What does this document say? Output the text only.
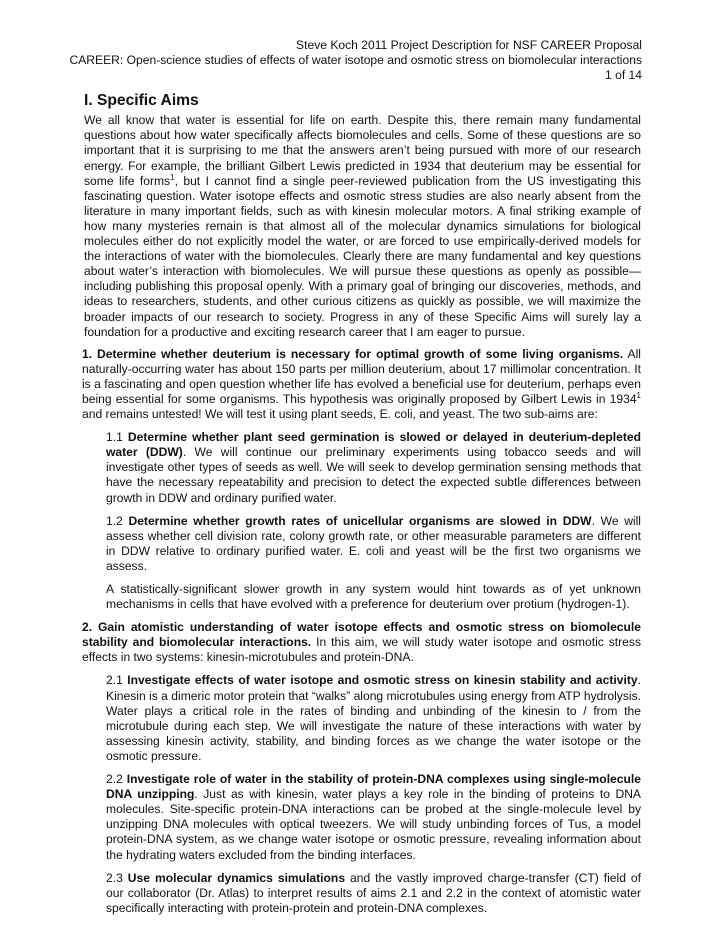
Steve Koch 2011 Project Description for NSF CAREER Proposal
CAREER: Open-science studies of effects of water isotope and osmotic stress on biomolecular interactions
1 of 14
I. Specific Aims

We all know that water is essential for life on earth. Despite this, there remain many fundamental questions about how water specifically affects biomolecules and cells. Some of these questions are so important that it is surprising to me that the answers aren’t being pursued with more of our research energy. For example, the brilliant Gilbert Lewis predicted in 1934 that deuterium may be essential for some life forms$^1$, but I cannot find a single peer-reviewed publication from the US investigating this fascinating question. Water isotope effects and osmotic stress studies are also nearly absent from the literature in many important fields, such as with kinesin molecular motors. A final striking example of how many mysteries remain is that almost all of the molecular dynamics simulations for biological molecules either do not explicitly model the water, or are forced to use empirically-derived models for the interactions of water with the biomolecules. Clearly there are many fundamental and key questions about water’s interaction with biomolecules. We will pursue these questions as openly as possible—including publishing this proposal openly. With a primary goal of bringing our discoveries, methods, and ideas to researchers, students, and other curious citizens as quickly as possible, we will maximize the broader impacts of our research to society. Progress in any of these Specific Aims will surely lay a foundation for a productive and exciting research career that I am eager to pursue.

1. Determine whether deuterium is necessary for optimal growth of some living organisms. All naturally-occurring water has about 150 parts per million deuterium, about 17 millimolar concentration. It is a fascinating and open question whether life has evolved a beneficial use for deuterium, perhaps even being essential for some organisms. This hypothesis was originally proposed by Gilbert Lewis in 1934$^1$ and remains untested! We will test it using plant seeds, E. coli, and yeast. The two sub-aims are:

1.1 Determine whether plant seed germination is slowed or delayed in deuterium-depleted water (DDW). We will continue our preliminary experiments using tobacco seeds and will investigate other types of seeds as well. We will seek to develop germination sensing methods that have the necessary repeatability and precision to detect the expected subtle differences between growth in DDW and ordinary purified water.

1.2 Determine whether growth rates of unicellular organisms are slowed in DDW. We will assess whether cell division rate, colony growth rate, or other measurable parameters are different in DDW relative to ordinary purified water. E. coli and yeast will be the first two organisms we assess.

A statistically-significant slower growth in any system would hint towards as of yet unknown mechanisms in cells that have evolved with a preference for deuterium over protium (hydrogen-1).

2. Gain atomistic understanding of water isotope effects and osmotic stress on biomolecule stability and biomolecular interactions. In this aim, we will study water isotope and osmotic stress effects in two systems: kinesin-microtubules and protein-DNA.

2.1 Investigate effects of water isotope and osmotic stress on kinesin stability and activity. Kinesin is a dimeric motor protein that “walks” along microtubules using energy from ATP hydrolysis. Water plays a critical role in the rates of binding and unbinding of the kinesin to / from the microtubule during each step. We will investigate the nature of these interactions with water by assessing kinesin activity, stability, and binding forces as we change the water isotope or the osmotic pressure.

2.2 Investigate role of water in the stability of protein-DNA complexes using single-molecule DNA unzipping. Just as with kinesin, water plays a key role in the binding of proteins to DNA molecules. Site-specific protein-DNA interactions can be probed at the single-molecule level by unzipping DNA molecules with optical tweezers. We will study unbinding forces of Tus, a model protein-DNA system, as we change water isotope or osmotic pressure, revealing information about the hydrating waters excluded from the binding interfaces.

2.3 Use molecular dynamics simulations and the vastly improved charge-transfer (CT) field of our collaborator (Dr. Atlas) to interpret results of aims 2.1 and 2.2 in the context of atomistic water specifically interacting with protein-protein and protein-DNA complexes.
